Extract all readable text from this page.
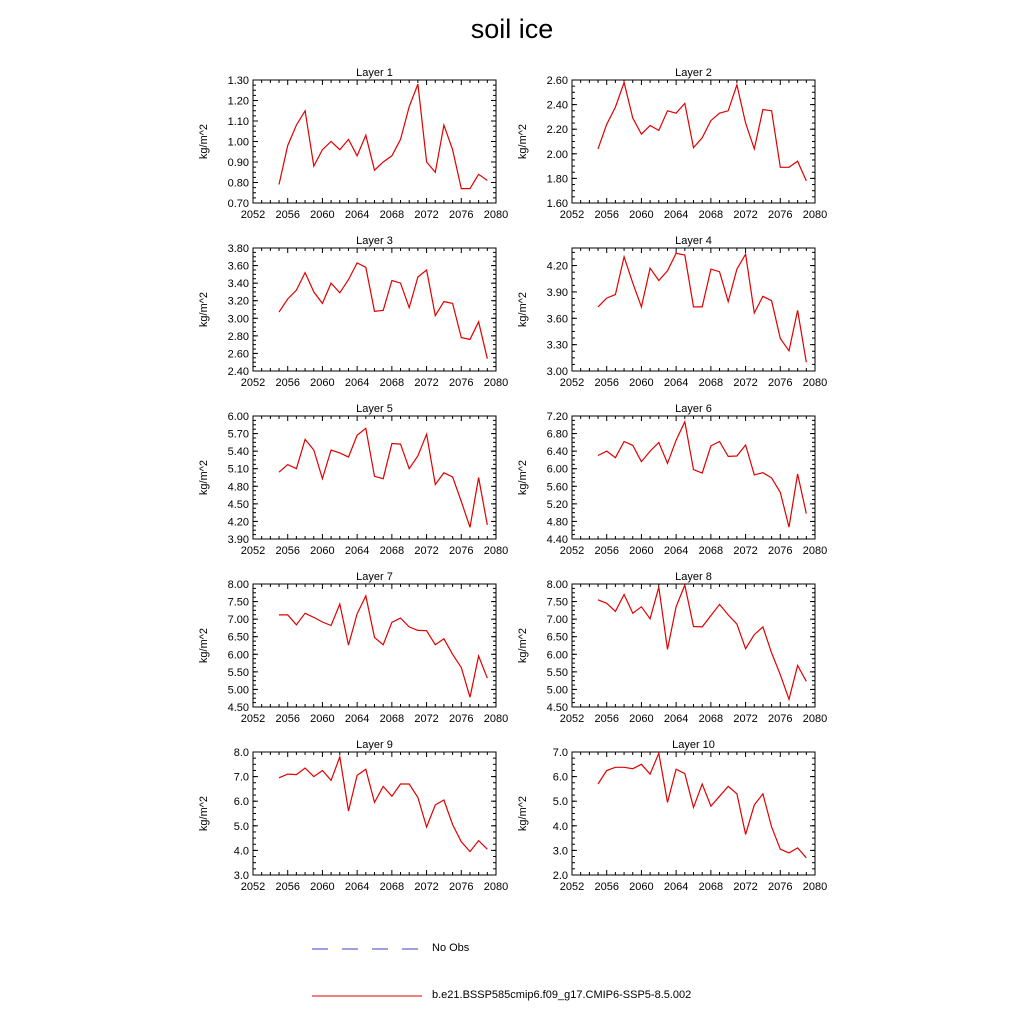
soil ice
Layer 1
kg/m^2
2052 2056 2060 2064 2068 2072 2076 2080
0.70
0.80
0.90
1.00
1.10
1.20
1.30
Layer 2
kg/m^2
2052 2056 2060 2064 2068 2072 2076 2080
1.60
1.80
2.00
2.20
2.40
2.60
Layer 3
kg/m^2
2052 2056 2060 2064 2068 2072 2076 2080
2.40
2.60
2.80
3.00
3.20
3.40
3.60
3.80
Layer 4
kg/m^2
2052 2056 2060 2064 2068 2072 2076 2080
3.00
3.30
3.60
3.90
4.20
Layer 5
kg/m^2
2052 2056 2060 2064 2068 2072 2076 2080
3.90
4.20
4.50
4.80
5.10
5.40
5.70
6.00
Layer 6
kg/m^2
2052 2056 2060 2064 2068 2072 2076 2080
4.40
4.80
5.20
5.60
6.00
6.40
6.80
7.20
Layer 7
kg/m^2
2052 2056 2060 2064 2068 2072 2076 2080
4.50
5.00
5.50
6.00
6.50
7.00
7.50
8.00
Layer 8
kg/m^2
2052 2056 2060 2064 2068 2072 2076 2080
4.50
5.00
5.50
6.00
6.50
7.00
7.50
8.00
Layer 9
kg/m^2
2052 2056 2060 2064 2068 2072 2076 2080
3.0
4.0
5.0
6.0
7.0
8.0
Layer 10
kg/m^2
2052 2056 2060 2064 2068 2072 2076 2080
2.0
3.0
4.0
5.0
6.0
7.0
No Obs
b.e21.BSSP585cmip6.f09_g17.CMIP6-SSP5-8.5.002
